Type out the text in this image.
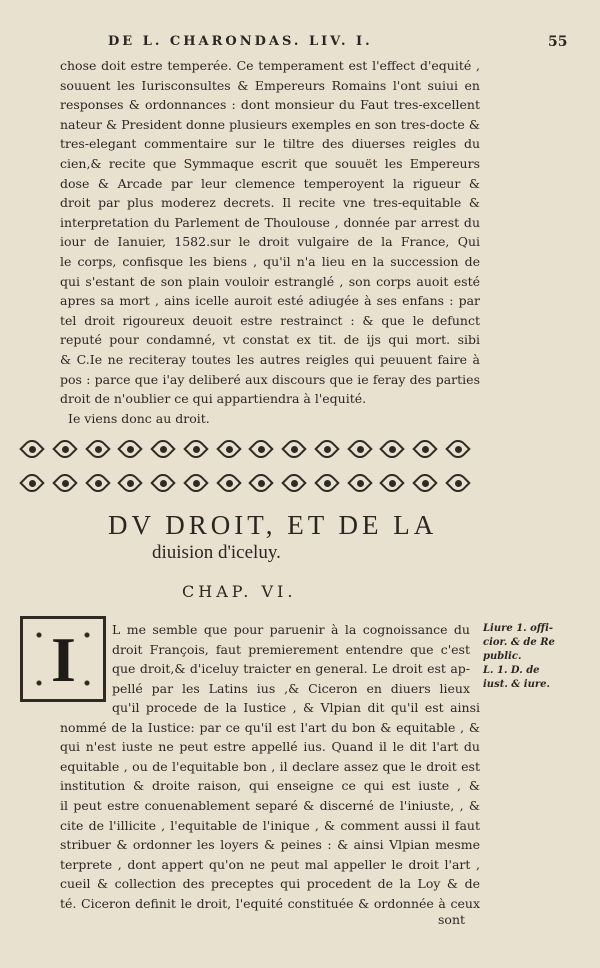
DE L. CHARONDAS. LIV. I.	55
chose doit estre temperée. Ce temperament est l'effect d'equité ,
souuent les Iurisconsultes & Empereurs Romains l'ont suiui en
responses & ordonnances : dont monsieur du Faut tres-excellent
nateur & President donne plusieurs exemples en son tres-docte &
tres-elegant commentaire sur le tiltre des diuerses reigles du
cien,& recite que Symmaque escrit que souuët les Empereurs
dose & Arcade par leur clemence temperoyent la rigueur &
droit par plus moderez decrets. Il recite vne tres-equitable &
interpretation du Parlement de Thoulouse , donnée par arrest du
iour de Ianuier, 1582.sur le droit vulgaire de la France, Qui
le corps, confisque les biens , qu'il n'a lieu en la succession de
qui s'estant de son plain vouloir estranglé , son corps auoit esté
apres sa mort , ains icelle auroit esté adiugée à ses enfans : par
tel droit rigoureux deuoit estre restrainct : & que le defunct
reputé pour condamné, vt constat ex tit. de ijs qui mort. sibi
& C.Ie ne reciteray toutes les autres reigles qui peuuent faire à
pos : parce que i'ay deliberé aux discours que ie feray des parties
droit de n'oublier ce qui appartiendra à l'equité.
Ie viens donc au droit.
DV DROIT, ET DE LA
diuision d'iceluy.
CHAP. VI.
I	L me semble que pour paruenir à la cognoissance du
droit François, faut premierement entendre que c'est
que droit,& d'iceluy traicter en general. Le droit est ap-
pellé par les Latins ius ,& Ciceron en diuers lieux
qu'il procede de la Iustice , & Vlpian dit qu'il est ainsi
nommé de la Iustice: par ce qu'il est l'art du bon & equitable , &
qui n'est iuste ne peut estre appellé ius. Quand il le dit l'art du
equitable , ou de l'equitable bon , il declare assez que le droit est
institution & droite raison, qui enseigne ce qui est iuste , &
il peut estre conuenablement separé & discerné de l'iniuste, , &
cite de l'illicite , l'equitable de l'inique , & comment aussi il faut
stribuer & ordonner les loyers & peines : & ainsi Vlpian mesme
terprete , dont appert qu'on ne peut mal appeller le droit l'art ,
cueil & collection des preceptes qui procedent de la Loy & de
té. Ciceron definit le droit, l'equité constituée & ordonnée à ceux
Liure 1. offi-
cior. & de Re
public.
L. 1. D. de
iust. & iure.
sont
